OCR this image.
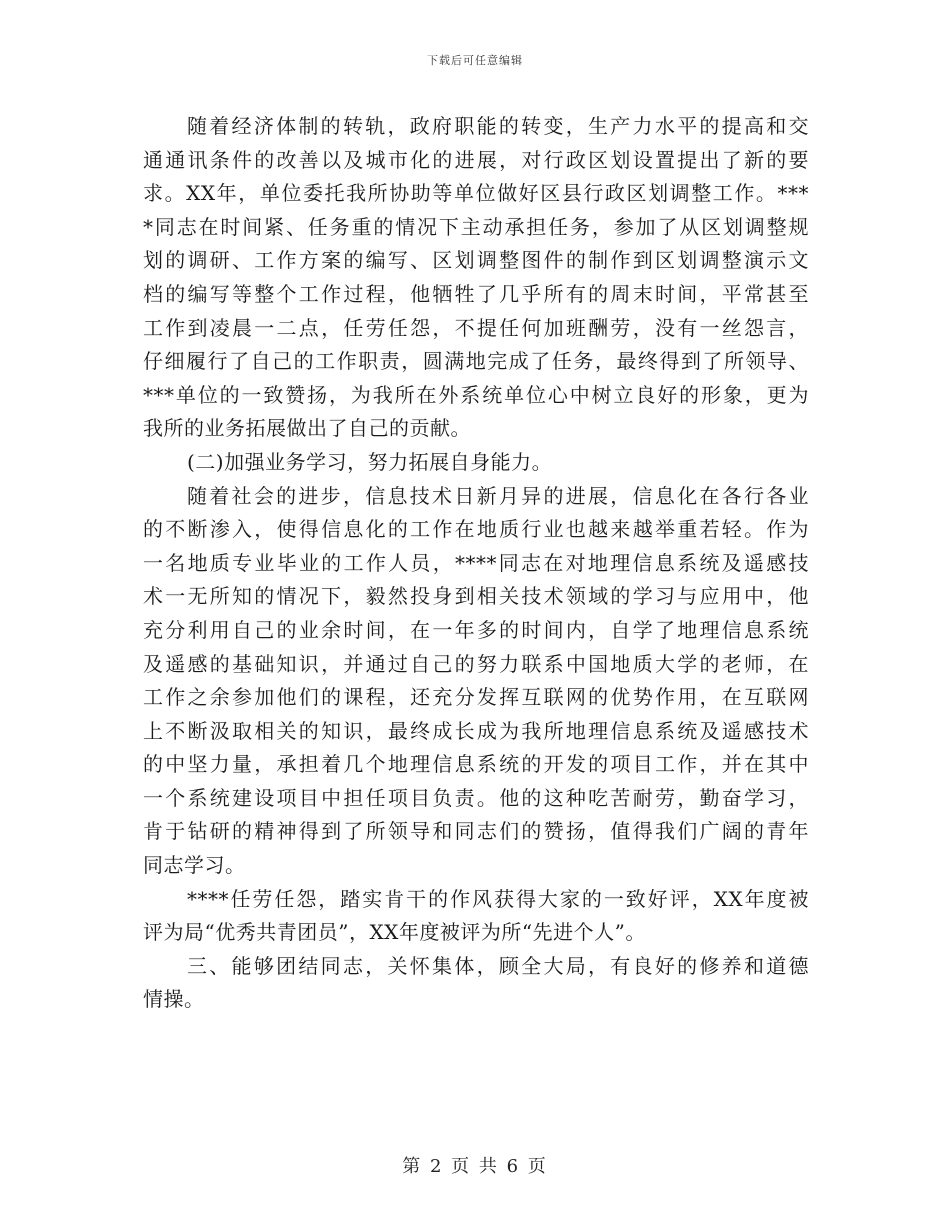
下载后可任意编辑
随着经济体制的转轨，政府职能的转变，生产力水平的提高和交
通通讯条件的改善以及城市化的进展，对行政区划设置提出了新的要
求。XX年，单位委托我所协助等单位做好区县行政区划调整工作。***
*同志在时间紧、任务重的情况下主动承担任务，参加了从区划调整规
划的调研、工作方案的编写、区划调整图件的制作到区划调整演示文
档的编写等整个工作过程，他牺牲了几乎所有的周末时间，平常甚至
工作到凌晨一二点，任劳任怨，不提任何加班酬劳，没有一丝怨言，
仔细履行了自己的工作职责，圆满地完成了任务，最终得到了所领导、
***单位的一致赞扬，为我所在外系统单位心中树立良好的形象，更为
我所的业务拓展做出了自己的贡献。
(二)加强业务学习，努力拓展自身能力。
随着社会的进步，信息技术日新月异的进展，信息化在各行各业
的不断渗入，使得信息化的工作在地质行业也越来越举重若轻。作为
一名地质专业毕业的工作人员，****同志在对地理信息系统及遥感技
术一无所知的情况下，毅然投身到相关技术领域的学习与应用中，他
充分利用自己的业余时间，在一年多的时间内，自学了地理信息系统
及遥感的基础知识，并通过自己的努力联系中国地质大学的老师，在
工作之余参加他们的课程，还充分发挥互联网的优势作用，在互联网
上不断汲取相关的知识，最终成长成为我所地理信息系统及遥感技术
的中坚力量，承担着几个地理信息系统的开发的项目工作，并在其中
一个系统建设项目中担任项目负责。他的这种吃苦耐劳，勤奋学习，
肯于钻研的精神得到了所领导和同志们的赞扬，值得我们广阔的青年
同志学习。
****任劳任怨，踏实肯干的作风获得大家的一致好评，XX年度被
评为局“优秀共青团员”，XX年度被评为所“先进个人”。
三、能够团结同志，关怀集体，顾全大局，有良好的修养和道德
情操。
第 2 页 共 6 页
